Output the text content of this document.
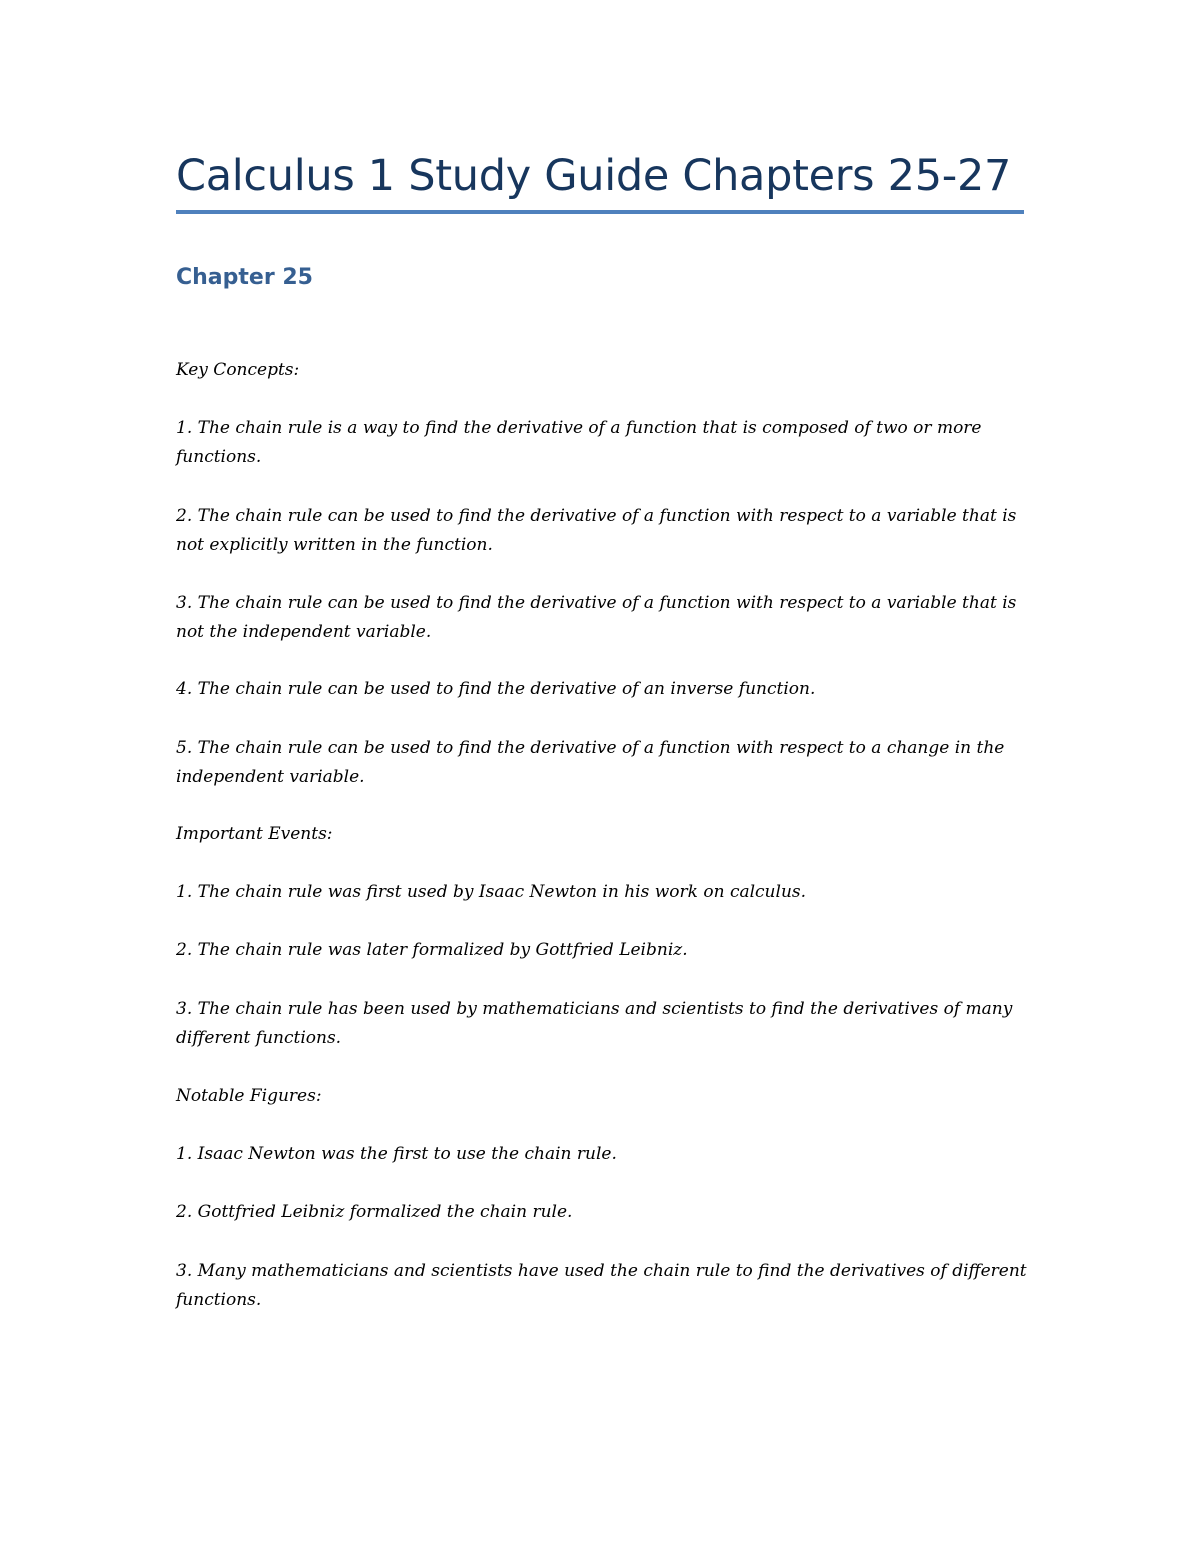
Calculus 1 Study Guide Chapters 25-27
Chapter 25

Key Concepts:

1. The chain rule is a way to find the derivative of a function that is composed of two or more functions.

2. The chain rule can be used to find the derivative of a function with respect to a variable that is not explicitly written in the function.

3. The chain rule can be used to find the derivative of a function with respect to a variable that is not the independent variable.

4. The chain rule can be used to find the derivative of an inverse function.

5. The chain rule can be used to find the derivative of a function with respect to a change in the independent variable.

Important Events:

1. The chain rule was first used by Isaac Newton in his work on calculus.

2. The chain rule was later formalized by Gottfried Leibniz.

3. The chain rule has been used by mathematicians and scientists to find the derivatives of many different functions.

Notable Figures:

1. Isaac Newton was the first to use the chain rule.

2. Gottfried Leibniz formalized the chain rule.

3. Many mathematicians and scientists have used the chain rule to find the derivatives of different functions.
